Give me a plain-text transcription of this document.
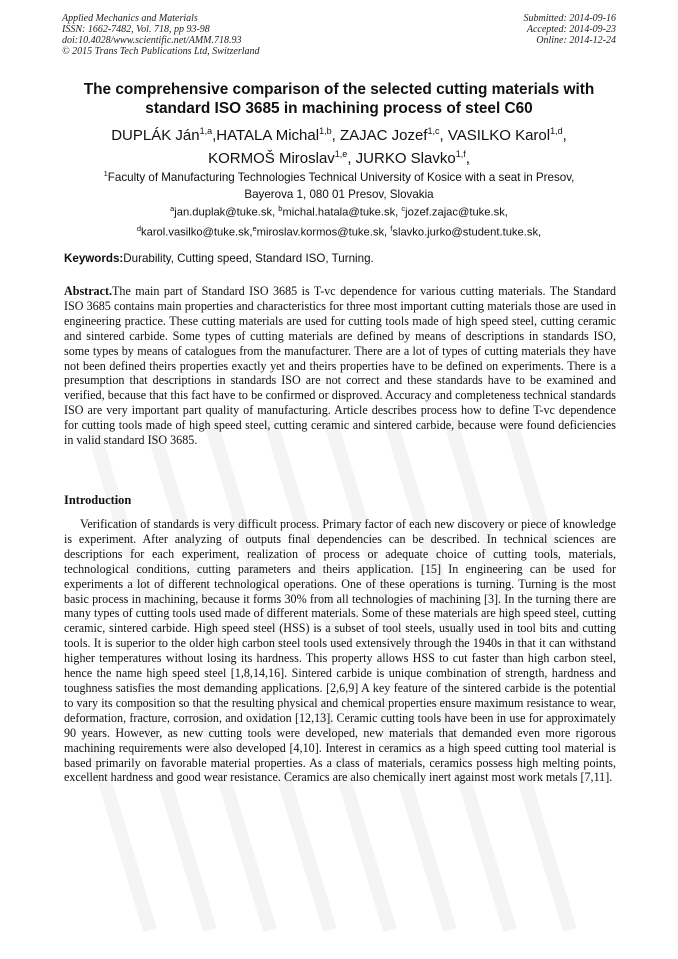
Applied Mechanics and Materials
ISSN: 1662-7482, Vol. 718, pp 93-98
doi:10.4028/www.scientific.net/AMM.718.93
© 2015 Trans Tech Publications Ltd, Switzerland
Submitted: 2014-09-16
Accepted: 2014-09-23
Online: 2014-12-24
The comprehensive comparison of the selected cutting materials with
standard ISO 3685 in machining process of steel C60
DUPLÁK Ján$^{1,a}$,HATALA Michal$^{1,b}$, ZAJAC Jozef$^{1,c}$, VASILKO Karol$^{1,d}$,
KORMOŠ Miroslav$^{1,e}$, JURKO Slavko$^{1,f}$,
$^1$Faculty of Manufacturing Technologies Technical University of Kosice with a seat in Presov,
Bayerova 1, 080 01 Presov, Slovakia
$^a$jan.duplak@tuke.sk, $^b$michal.hatala@tuke.sk, $^c$jozef.zajac@tuke.sk,
$^d$karol.vasilko@tuke.sk,$^e$miroslav.kormos@tuke.sk, $^f$slavko.jurko@student.tuke.sk,
Keywords:Durability, Cutting speed, Standard ISO, Turning.
Abstract.The main part of Standard ISO 3685 is T-vc dependence for various cutting materials. The Standard ISO 3685 contains main properties and characteristics for three most important cutting materials those are used in engineering practice. These cutting materials are used for cutting tools made of high speed steel, cutting ceramic and sintered carbide. Some types of cutting materials are defined by means of descriptions in standards ISO, some types by means of catalogues from the manufacturer. There are a lot of types of cutting materials they have not been defined theirs properties exactly yet and theirs properties have to be defined on experiments. There is a presumption that descriptions in standards ISO are not correct and these standards have to be examined and verified, because that this fact have to be confirmed or disproved. Accuracy and completeness technical standards ISO are very important part quality of manufacturing. Article describes process how to define T-vc dependence for cutting tools made of high speed steel, cutting ceramic and sintered carbide, because were found deficiencies in valid standard ISO 3685.
Introduction
Verification of standards is very difficult process. Primary factor of each new discovery or piece of knowledge is experiment. After analyzing of outputs final dependencies can be described. In technical sciences are descriptions for each experiment, realization of process or adequate choice of cutting tools, materials, technological conditions, cutting parameters and theirs application. [15] In engineering can be used for experiments a lot of different technological operations. One of these operations is turning. Turning is the most basic process in machining, because it forms 30% from all technologies of machining [3]. In the turning there are many types of cutting tools used made of different materials. Some of these materials are high speed steel, cutting ceramic, sintered carbide. High speed steel (HSS) is a subset of tool steels, usually used in tool bits and cutting tools. It is superior to the older high carbon steel tools used extensively through the 1940s in that it can withstand higher temperatures without losing its hardness. This property allows HSS to cut faster than high carbon steel, hence the name high speed steel [1,8,14,16]. Sintered carbide is unique combination of strength, hardness and toughness satisfies the most demanding applications. [2,6,9] A key feature of the sintered carbide is the potential to vary its composition so that the resulting physical and chemical properties ensure maximum resistance to wear, deformation, fracture, corrosion, and oxidation [12,13]. Ceramic cutting tools have been in use for approximately 90 years. However, as new cutting tools were developed, new materials that demanded even more rigorous machining requirements were also developed [4,10]. Interest in ceramics as a high speed cutting tool material is based primarily on favorable material properties. As a class of materials, ceramics possess high melting points, excellent hardness and good wear resistance. Ceramics are also chemically inert against most work metals [7,11].
